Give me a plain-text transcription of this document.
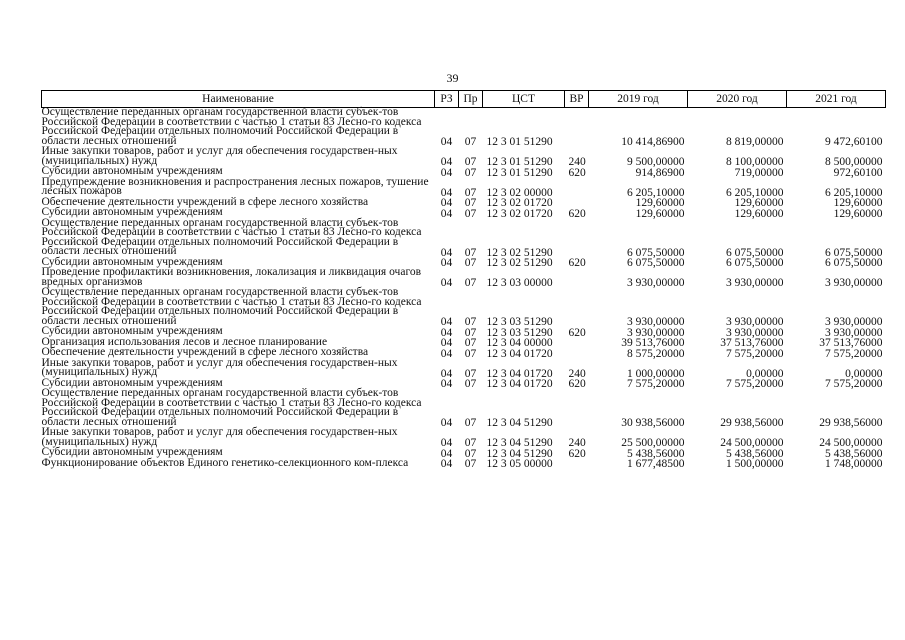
39
Наименование	РЗ	Пр	ЦСТ	ВР	2019 год	2020 год	2021 год
Осуществление переданных органам государственной власти субъек-тов Российской Федерации в соответствии с частью 1 статьи 83 Лесно-го кодекса Российской Федерации отдельных полномочий Российской Федерации в области лесных отношений	04	07	12 3 01 51290		10 414,86900	8 819,00000	9 472,60100
Иные закупки товаров, работ и услуг для обеспечения государствен-ных (муниципальных) нужд	04	07	12 3 01 51290	240	9 500,00000	8 100,00000	8 500,00000
Субсидии автономным учреждениям	04	07	12 3 01 51290	620	914,86900	719,00000	972,60100
Предупреждение возникновения и распространения лесных пожаров, тушение лесных пожаров	04	07	12 3 02 00000		6 205,10000	6 205,10000	6 205,10000
Обеспечение деятельности учреждений в сфере лесного хозяйства	04	07	12 3 02 01720		129,60000	129,60000	129,60000
Субсидии автономным учреждениям	04	07	12 3 02 01720	620	129,60000	129,60000	129,60000
Осуществление переданных органам государственной власти субъек-тов Российской Федерации в соответствии с частью 1 статьи 83 Лесно-го кодекса Российской Федерации отдельных полномочий Российской Федерации в области лесных отношений	04	07	12 3 02 51290		6 075,50000	6 075,50000	6 075,50000
Субсидии автономным учреждениям	04	07	12 3 02 51290	620	6 075,50000	6 075,50000	6 075,50000
Проведение профилактики возникновения, локализация и ликвидация очагов вредных организмов	04	07	12 3 03 00000		3 930,00000	3 930,00000	3 930,00000
Осуществление переданных органам государственной власти субъек-тов Российской Федерации в соответствии с частью 1 статьи 83 Лесно-го кодекса Российской Федерации отдельных полномочий Российской Федерации в области лесных отношений	04	07	12 3 03 51290		3 930,00000	3 930,00000	3 930,00000
Субсидии автономным учреждениям	04	07	12 3 03 51290	620	3 930,00000	3 930,00000	3 930,00000
Организация использования лесов и лесное планирование	04	07	12 3 04 00000		39 513,76000	37 513,76000	37 513,76000
Обеспечение деятельности учреждений в сфере лесного хозяйства	04	07	12 3 04 01720		8 575,20000	7 575,20000	7 575,20000
Иные закупки товаров, работ и услуг для обеспечения государствен-ных (муниципальных) нужд	04	07	12 3 04 01720	240	1 000,00000	0,00000	0,00000
Субсидии автономным учреждениям	04	07	12 3 04 01720	620	7 575,20000	7 575,20000	7 575,20000
Осуществление переданных органам государственной власти субъек-тов Российской Федерации в соответствии с частью 1 статьи 83 Лесно-го кодекса Российской Федерации отдельных полномочий Российской Федерации в области лесных отношений	04	07	12 3 04 51290		30 938,56000	29 938,56000	29 938,56000
Иные закупки товаров, работ и услуг для обеспечения государствен-ных (муниципальных) нужд	04	07	12 3 04 51290	240	25 500,00000	24 500,00000	24 500,00000
Субсидии автономным учреждениям	04	07	12 3 04 51290	620	5 438,56000	5 438,56000	5 438,56000
Функционирование объектов Единого генетико-селекционного ком-плекса	04	07	12 3 05 00000		1 677,48500	1 500,00000	1 748,00000
